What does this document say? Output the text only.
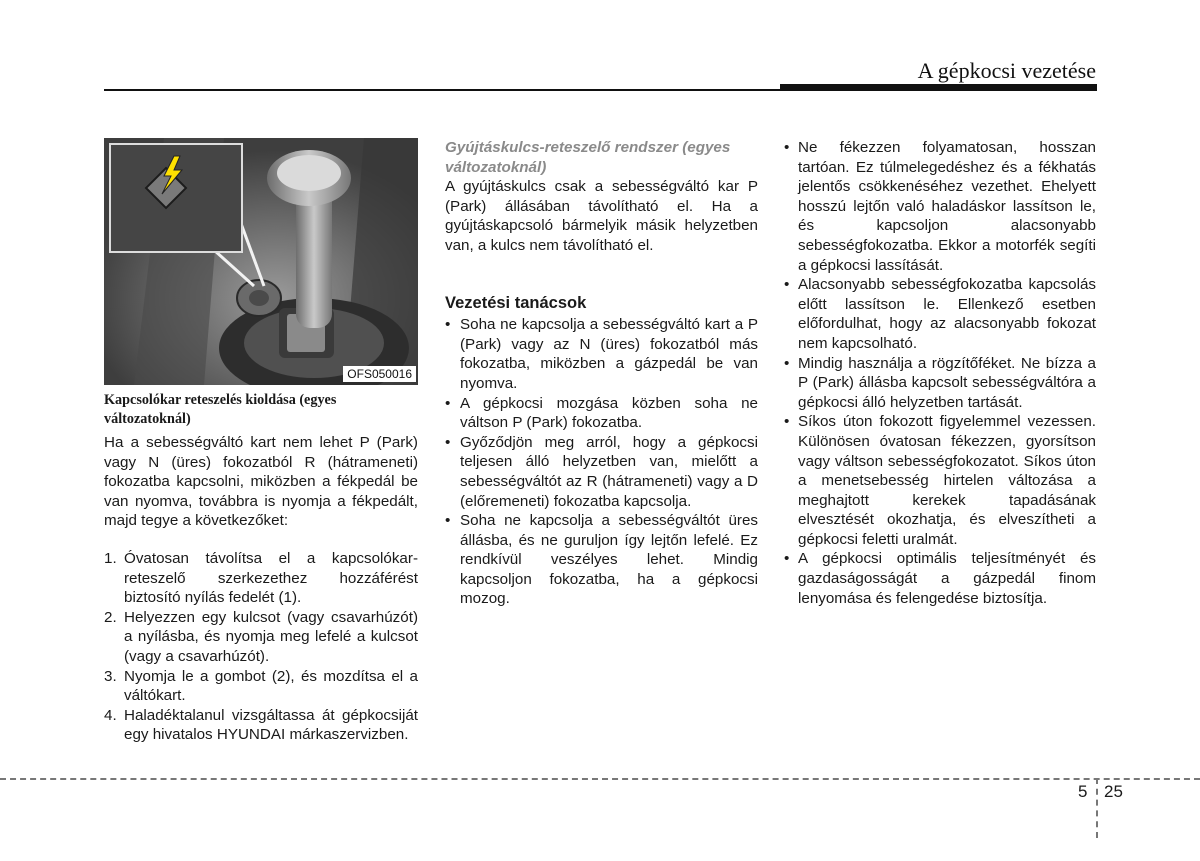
A gépkocsi vezetése
OFS050016
Kapcsolókar reteszelés kioldása (egyes változatoknál)

Ha a sebességváltó kart nem lehet P (Park) vagy N (üres) fokozatból R (hátrameneti) fokozatba kapcsolni, miközben a fékpedál be van nyomva, továbbra is nyomja a fékpedált, majd tegye a következőket:

1. Óvatosan távolítsa el a kapcsolókar-reteszelő szerkezethez hozzáférést biztosító nyílás fedelét (1).
2. Helyezzen egy kulcsot (vagy csavarhúzót) a nyílásba, és nyomja meg lefelé a kulcsot (vagy a csavarhúzót).
3. Nyomja le a gombot (2), és mozdítsa el a váltókart.
4. Haladéktalanul vizsgáltassa át gépkocsiját egy hivatalos HYUNDAI márkaszervizben.
Gyújtáskulcs-reteszelő rendszer (egyes változatoknál)

A gyújtáskulcs csak a sebességváltó kar P (Park) állásában távolítható el. Ha a gyújtáskapcsoló bármelyik másik helyzetben van, a kulcs nem távolítható el.

Vezetési tanácsok
• Soha ne kapcsolja a sebességváltó kart a P (Park) vagy az N (üres) fokozatból más fokozatba, miközben a gázpedál be van nyomva.
• A gépkocsi mozgása közben soha ne váltson P (Park) fokozatba.
• Győződjön meg arról, hogy a gépkocsi teljesen álló helyzetben van, mielőtt a sebességváltót az R (hátrameneti) vagy a D (előremeneti) fokozatba kapcsolja.
• Soha ne kapcsolja a sebességváltót üres állásba, és ne guruljon így lejtőn lefelé. Ez rendkívül veszélyes lehet. Mindig kapcsoljon fokozatba, ha a gépkocsi mozog.
• Ne fékezzen folyamatosan, hosszan tartóan. Ez túlmelegedéshez és a fékhatás jelentős csökkenéséhez vezethet. Ehelyett hosszú lejtőn való haladáskor lassítson le, és kapcsoljon alacsonyabb sebességfokozatba. Ekkor a motorfék segíti a gépkocsi lassítását.
• Alacsonyabb sebességfokozatba kapcsolás előtt lassítson le. Ellenkező esetben előfordulhat, hogy az alacsonyabb fokozat nem kapcsolható.
• Mindig használja a rögzítőféket. Ne bízza a P (Park) állásba kapcsolt sebességváltóra a gépkocsi álló helyzetben tartását.
• Síkos úton fokozott figyelemmel vezessen. Különösen óvatosan fékezzen, gyorsítson vagy váltson sebességfokozatot. Síkos úton a menetsebesség hirtelen változása a meghajtott kerekek tapadásának elvesztését okozhatja, és elveszítheti a gépkocsi feletti uralmát.
• A gépkocsi optimális teljesítményét és gazdaságosságát a gázpedál finom lenyomása és felengedése biztosítja.
5 25
